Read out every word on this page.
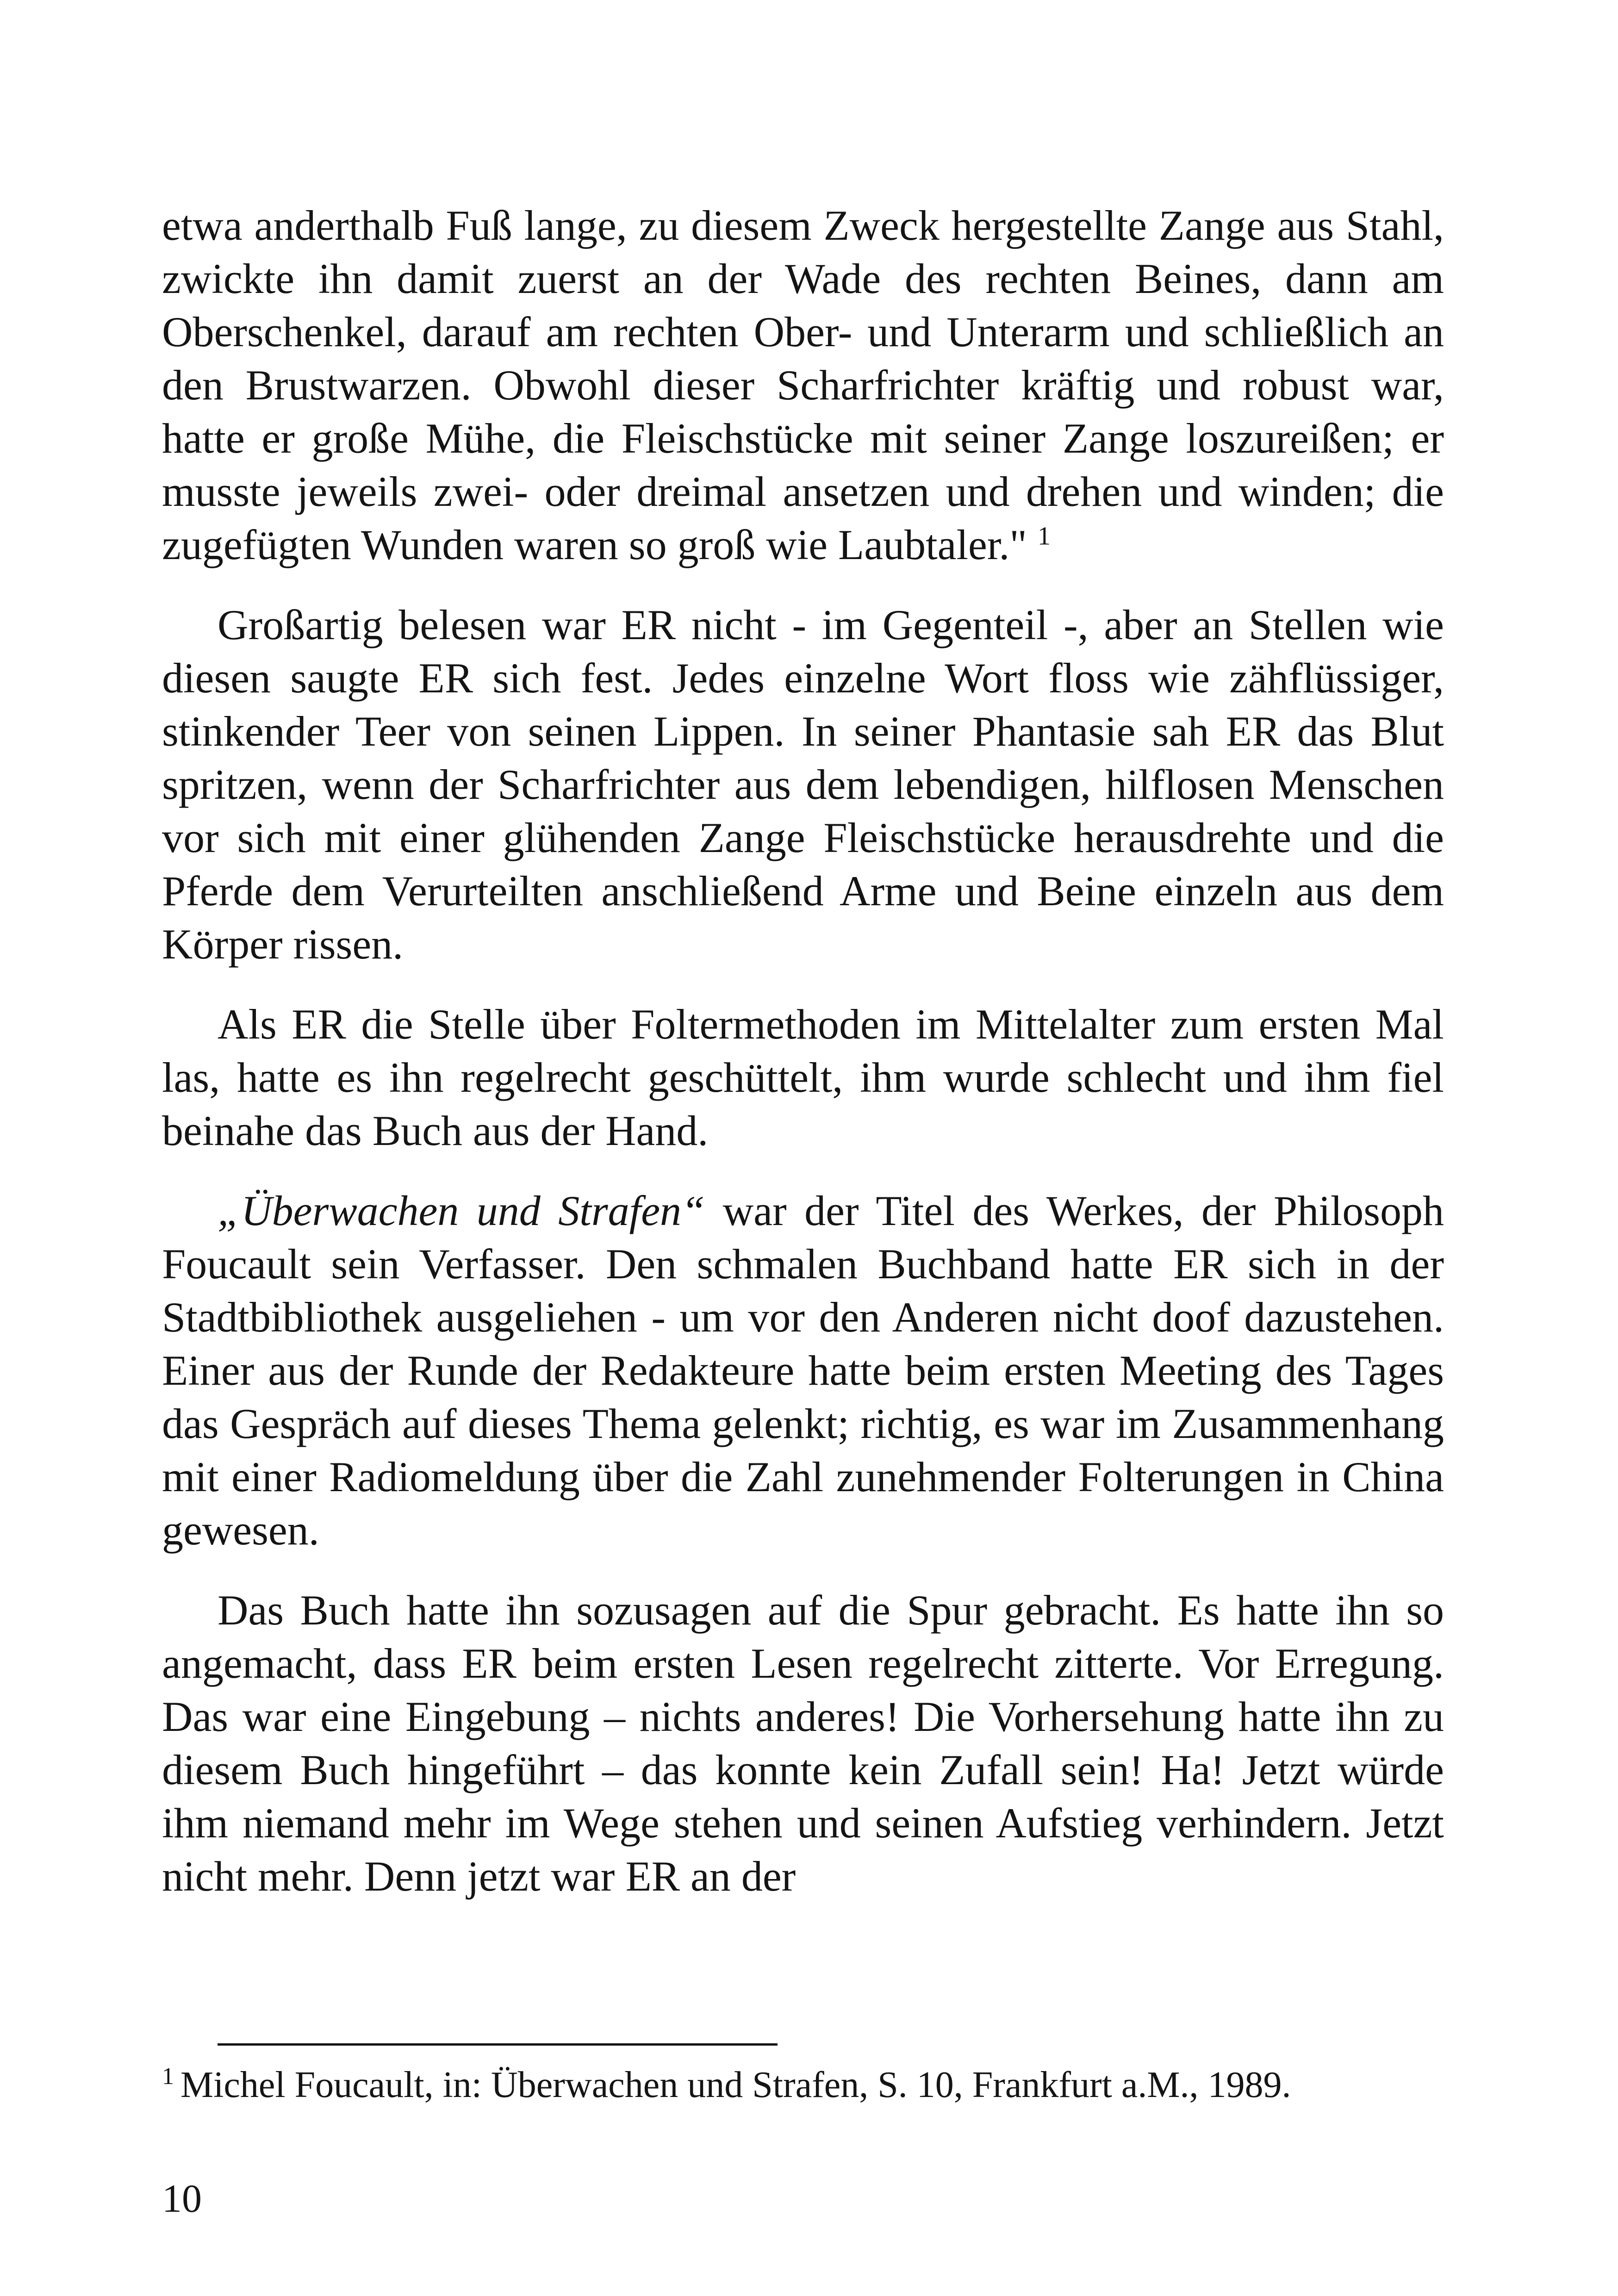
etwa anderthalb Fuß lange, zu diesem Zweck hergestellte Zange aus Stahl, zwickte ihn damit zuerst an der Wade des rechten Beines, dann am Oberschenkel, darauf am rechten Ober- und Unterarm und schließlich an den Brustwarzen. Obwohl dieser Scharfrichter kräftig und robust war, hatte er große Mühe, die Fleischstücke mit seiner Zange loszureißen; er musste jeweils zwei- oder dreimal ansetzen und drehen und winden; die zugefügten Wunden waren so groß wie Laubtaler." $^1$

Großartig belesen war ER nicht - im Gegenteil -, aber an Stellen wie diesen saugte ER sich fest. Jedes einzelne Wort floss wie zähflüssiger, stinkender Teer von seinen Lippen. In seiner Phantasie sah ER das Blut spritzen, wenn der Scharfrichter aus dem lebendigen, hilflosen Menschen vor sich mit einer glühenden Zange Fleischstücke herausdrehte und die Pferde dem Verurteilten anschließend Arme und Beine einzeln aus dem Körper rissen.

Als ER die Stelle über Foltermethoden im Mittelalter zum ersten Mal las, hatte es ihn regelrecht geschüttelt, ihm wurde schlecht und ihm fiel beinahe das Buch aus der Hand.

„Überwachen und Strafen“ war der Titel des Werkes, der Philosoph Foucault sein Verfasser. Den schmalen Buchband hatte ER sich in der Stadtbibliothek ausgeliehen - um vor den Anderen nicht doof dazustehen. Einer aus der Runde der Redakteure hatte beim ersten Meeting des Tages das Gespräch auf dieses Thema gelenkt; richtig, es war im Zusammenhang mit einer Radiomeldung über die Zahl zunehmender Folterungen in China gewesen.

Das Buch hatte ihn sozusagen auf die Spur gebracht. Es hatte ihn so angemacht, dass ER beim ersten Lesen regelrecht zitterte. Vor Erregung. Das war eine Eingebung – nichts anderes! Die Vorhersehung hatte ihn zu diesem Buch hingeführt – das konnte kein Zufall sein! Ha! Jetzt würde ihm niemand mehr im Wege stehen und seinen Aufstieg verhindern. Jetzt nicht mehr. Denn jetzt war ER an der

$^1$ Michel Foucault, in: Überwachen und Strafen, S. 10, Frankfurt a.M., 1989.
10
